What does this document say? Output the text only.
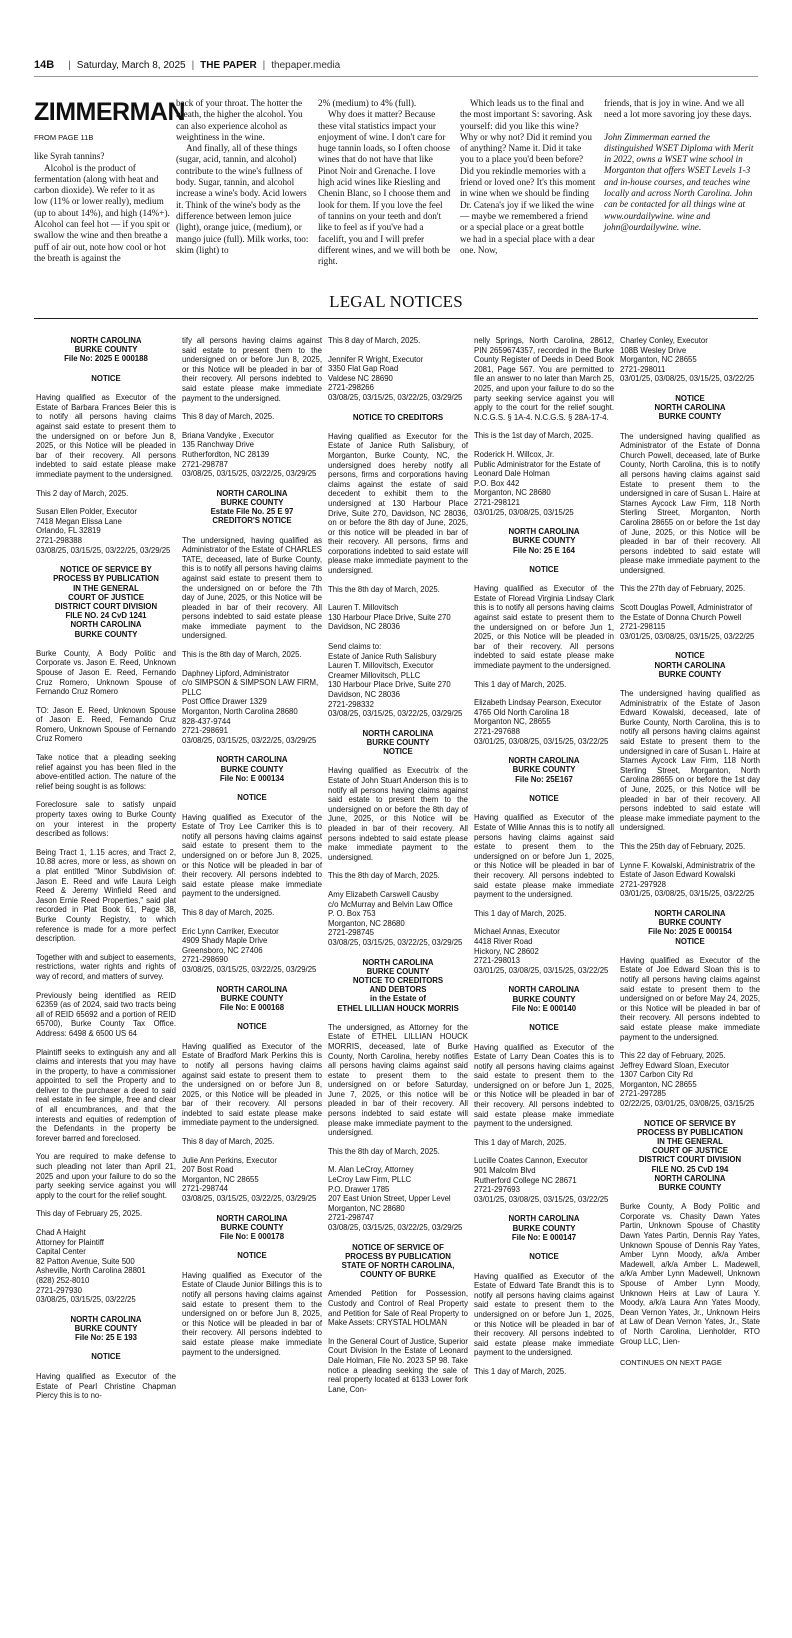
14B | Saturday, March 8, 2025 | THE PAPER | thepaper.media
ZIMMERMAN
FROM PAGE 11B

like Syrah tannins?

Alcohol is the product of fermentation (along with heat and carbon dioxide). We refer to it as low (11% or lower really), medium (up to about 14%), and high (14%+). Alcohol can feel hot — if you spit or swallow the wine and then breathe a puff of air out, note how cool or hot the breath is against the

back of your throat. The hotter the breath, the higher the alcohol. You can also experience alcohol as weightiness in the wine.

And finally, all of these things (sugar, acid, tannin, and alcohol) contribute to the wine's fullness of body. Sugar, tannin, and alcohol increase a wine's body. Acid lowers it. Think of the wine's body as the difference between lemon juice (light), orange juice, (medium), or mango juice (full). Milk works, too: skim (light) to

2% (medium) to 4% (full).

Why does it matter? Because these vital statistics impact your enjoyment of wine. I don't care for huge tannin loads, so I often choose wines that do not have that like Pinot Noir and Grenache. I love high acid wines like Riesling and Chenin Blanc, so I choose them and look for them. If you love the feel of tannins on your teeth and don't like to feel as if you've had a facelift, you and I will prefer different wines, and we will both be right.

Which leads us to the final and the most important S: savoring. Ask yourself: did you like this wine? Why or why not? Did it remind you of anything? Name it. Did it take you to a place you'd been before? Did you rekindle memories with a friend or loved one? It's this moment in wine when we should be finding Dr. Catena's joy if we liked the wine — maybe we remembered a friend or a special place or a great bottle we had in a special place with a dear one. Now,

friends, that is joy in wine. And we all need a lot more savoring joy these days.

John Zimmerman earned the distinguished WSET Diploma with Merit in 2022, owns a WSET wine school in Morganton that offers WSET Levels 1-3 and in-house courses, and teaches wine locally and across North Carolina. John can be contacted for all things wine at www.ourdailywine. wine and john@ourdailywine. wine.

LEGAL NOTICES
NORTH CAROLINA
BURKE COUNTY
File No: 2025 E 000188
NOTICE

Having qualified as Executor of the Estate of Barbara Frances Beier this is to notify all persons having claims against said estate to present them to the undersigned on or before Jun 8, 2025, or this Notice will be pleaded in bar of their recovery. All persons indebted to said estate please make immediate payment to the undersigned.

This 2 day of March, 2025.

Susan Ellen Polder, Executor
7418 Megan Elissa Lane
Orlando, FL 32819
2721-298388
03/08/25, 03/15/25, 03/22/25, 03/29/25

NOTICE OF SERVICE BY
PROCESS BY PUBLICATION
IN THE GENERAL
COURT OF JUSTICE
DISTRICT COURT DIVISION
FILE NO. 24 CvD 1241
NORTH CAROLINA
BURKE COUNTY

Burke County, A Body Politic and Corporate vs. Jason E. Reed, Unknown Spouse of Jason E. Reed, Fernando Cruz Romero, Unknown Spouse of Fernando Cruz Romero

TO: Jason E. Reed, Unknown Spouse of Jason E. Reed, Fernando Cruz Romero, Unknown Spouse of Fernando Cruz Romero

Take notice that a pleading seeking relief against you has been filed in the above-entitled action. The nature of the relief being sought is as follows:

Foreclosure sale to satisfy unpaid property taxes owing to Burke County on your interest in the property described as follows:

Being Tract 1, 1.15 acres, and Tract 2, 10.88 acres, more or less, as shown on a plat entitled "Minor Subdivision of: Jason E. Reed and wife Laura Leigh Reed & Jeremy Winfield Reed and Jason Ernie Reed Properties," said plat recorded in Plat Book 61, Page 38, Burke County Registry, to which reference is made for a more perfect description.

Together with and subject to easements, restrictions, water rights and rights of way of record, and matters of survey.

Previously being identified as REID 62359 (as of 2024, said two tracts being all of REID 65692 and a portion of REID 65700), Burke County Tax Office. Address: 6498 & 6500 US 64

Plaintiff seeks to extinguish any and all claims and interests that you may have in the property, to have a commissioner appointed to sell the Property and to deliver to the purchaser a deed to said real estate in fee simple, free and clear of all encumbrances, and that the interests and equities of redemption of the Defendants in the property be forever barred and foreclosed.

You are required to make defense to such pleading not later than April 21, 2025 and upon your failure to do so the party seeking service against you will apply to the court for the relief sought.

This day of February 25, 2025.

Chad A Haight
Attorney for Plaintiff
Capital Center
82 Patton Avenue, Suite 500
Asheville, North Carolina 28801
(828) 252-8010
2721-297930
03/08/25, 03/15/25, 03/22/25

NORTH CAROLINA
BURKE COUNTY
File No: 25 E 193
NOTICE

Having qualified as Executor of the Estate of Pearl Christine Chapman Piercy this is to no-

tify all persons having claims against said estate to present them to the undersigned on or before Jun 8, 2025, or this Notice will be pleaded in bar of their recovery. All persons indebted to said estate please make immediate payment to the undersigned.

This 8 day of March, 2025.

Briana Vandyke , Executor
135 Ranchway Drive
Rutherfordton, NC 28139
2721-298787
03/08/25, 03/15/25, 03/22/25, 03/29/25

NORTH CAROLINA
BURKE COUNTY
Estate File No. 25 E 97
CREDITOR'S NOTICE

The undersigned, having qualified as Administrator of the Estate of CHARLES TATE, deceased, late of Burke County, this is to notify all persons having claims against said estate to present them to the undersigned on or before the 7th day of June, 2025, or this Notice will be pleaded in bar of their recovery. All persons indebted to said estate please make immediate payment to the undersigned.

This is the 8th day of March, 2025.

Daphney Lipford, Administrator
c/o SIMPSON & SIMPSON LAW FIRM, PLLC
Post Office Drawer 1329
Morganton, North Carolina 28680
828-437-9744
2721-298691
03/08/25, 03/15/25, 03/22/25, 03/29/25

NORTH CAROLINA
BURKE COUNTY
File No: E 000134
NOTICE

Having qualified as Executor of the Estate of Troy Lee Carriker this is to notify all persons having claims against said estate to present them to the undersigned on or before Jun 8, 2025, or this Notice will be pleaded in bar of their recovery. All persons indebted to said estate please make immediate payment to the undersigned.

This 8 day of March, 2025.

Eric Lynn Carriker, Executor
4909 Shady Maple Drive
Greensboro, NC 27406
2721-298690
03/08/25, 03/15/25, 03/22/25, 03/29/25

NORTH CAROLINA
BURKE COUNTY
File No: E 000168
NOTICE

Having qualified as Executor of the Estate of Bradford Mark Perkins this is to notify all persons having claims against said estate to present them to the undersigned on or before Jun 8, 2025, or this Notice will be pleaded in bar of their recovery. All persons indebted to said estate please make immediate payment to the undersigned.

This 8 day of March, 2025.

Julie Ann Perkins, Executor
207 Bost Road
Morganton, NC 28655
2721-298744
03/08/25, 03/15/25, 03/22/25, 03/29/25

NORTH CAROLINA
BURKE COUNTY
File No: E 000178
NOTICE

Having qualified as Executor of the Estate of Claude Junior Billings this is to notify all persons having claims against said estate to present them to the undersigned on or before Jun 8, 2025, or this Notice will be pleaded in bar of their recovery. All persons indebted to said estate please make immediate payment to the undersigned.

This 8 day of March, 2025.

Jennifer R Wright, Executor
3350 Flat Gap Road
Valdese NC 28690
2721-298266
03/08/25, 03/15/25, 03/22/25, 03/29/25

NOTICE TO CREDITORS

Having qualified as Executor for the Estate of Janice Ruth Salisbury, of Morganton, Burke County, NC, the undersigned does hereby notify all persons, firms and corporations having claims against the estate of said decedent to exhibit them to the undersigned at 130 Harbour Place Drive, Suite 270, Davidson, NC 28036, on or before the 8th day of June, 2025, or this notice will be pleaded in bar of their recovery. All persons, firms and corporations indebted to said estate will please make immediate payment to the undersigned.

This the 8th day of March, 2025.

Lauren T. Millovitsch
130 Harbour Place Drive, Suite 270
Davidson, NC 28036

Send claims to:
Estate of Janice Ruth Salisbury
Lauren T. Millovitsch, Executor
Creamer Millovitsch, PLLC
130 Harbour Place Drive, Suite 270
Davidson, NC 28036
2721-298332
03/08/25, 03/15/25, 03/22/25, 03/29/25

NORTH CAROLINA
BURKE COUNTY
NOTICE

Having qualified as Executrix of the Estate of John Stuart Anderson this is to notify all persons having claims against said estate to present them to the undersigned on or before the 8th day of June, 2025, or this Notice will be pleaded in bar of their recovery. All persons indebted to said estate please make immediate payment to the undersigned.

This the 8th day of March, 2025.

Amy Elizabeth Carswell Causby
c/o McMurray and Belvin Law Office
P. O. Box 753
Morganton, NC 28680
2721-298745
03/08/25, 03/15/25, 03/22/25, 03/29/25

NORTH CAROLINA
BURKE COUNTY
NOTICE TO CREDITORS
AND DEBTORS
in the Estate of
ETHEL LILLIAN HOUCK MORRIS

The undersigned, as Attorney for the Estate of ETHEL LILLIAN HOUCK MORRIS, deceased, late of Burke County, North Carolina, hereby notifies all persons having claims against said estate to present them to the undersigned on or before Saturday, June 7, 2025, or this notice will be pleaded in bar of their recovery. All persons indebted to said estate will please make immediate payment to the undersigned.

This the 8th day of March, 2025.

M. Alan LeCroy, Attorney
LeCroy Law Firm, PLLC
P.O. Drawer 1785
207 East Union Street, Upper Level
Morganton, NC 28680
2721-298747
03/08/25, 03/15/25, 03/22/25, 03/29/25

NOTICE OF SERVICE OF
PROCESS BY PUBLICATION
STATE OF NORTH CAROLINA,
COUNTY OF BURKE

Amended Petition for Possession, Custody and Control of Real Property and Petition for Sale of Real Property to Make Assets: CRYSTAL HOLMAN

In the General Court of Justice, Superior Court Division In the Estate of Leonard Dale Holman, File No. 2023 SP 98. Take notice a pleading seeking the sale of real property located at 6133 Lower fork Lane, Con-

nelly Springs, North Carolina, 28612, PIN 2659674357, recorded in the Burke County Register of Deeds in Deed Book 2081, Page 567. You are permitted to file an answer to no later than March 25, 2025, and upon your failure to do so the party seeking service against you will apply to the court for the relief sought. N.C.G.S. § 1A-4. N.C.G.S. § 28A-17-4.

This is the 1st day of March, 2025.

Roderick H. Willcox, Jr.
Public Administrator for the Estate of Leonard Dale Holman
P.O. Box 442
Morganton, NC 28680
2721-298121
03/01/25, 03/08/25, 03/15/25

NORTH CAROLINA
BURKE COUNTY
File No: 25 E 164
NOTICE

Having qualified as Executor of the Estate of Floread Virginia Lindsay Clark this is to notify all persons having claims against said estate to present them to the undersigned on or before Jun 1, 2025, or this Notice will be pleaded in bar of their recovery. All persons indebted to said estate please make immediate payment to the undersigned.

This 1 day of March, 2025.

Elizabeth Lindsay Pearson, Executor
4765 Old North Carolina 18
Morganton NC, 28655
2721-297688
03/01/25, 03/08/25, 03/15/25, 03/22/25

NORTH CAROLINA
BURKE COUNTY
File No: 25E167
NOTICE

Having qualified as Executor of the Estate of Willie Annas this is to notify all persons having claims against said estate to present them to the undersigned on or before Jun 1, 2025, or this Notice will be pleaded in bar of their recovery. All persons indebted to said estate please make immediate payment to the undersigned.

This 1 day of March, 2025.

Michael Annas, Executor
4418 River Road
Hickory, NC 28602
2721-298013
03/01/25, 03/08/25, 03/15/25, 03/22/25

NORTH CAROLINA
BURKE COUNTY
File No: E 000140
NOTICE

Having qualified as Executor of the Estate of Larry Dean Coates this is to notify all persons having claims against said estate to present them to the undersigned on or before Jun 1, 2025, or this Notice will be pleaded in bar of their recovery. All persons indebted to said estate please make immediate payment to the undersigned.

This 1 day of March, 2025.

Lucille Coates Cannon, Executor
901 Malcolm Blvd
Rutherford College NC 28671
2721-297693
03/01/25, 03/08/25, 03/15/25, 03/22/25

NORTH CAROLINA
BURKE COUNTY
File No: E 000147
NOTICE

Having qualified as Executor of the Estate of Edward Tate Brandt this is to notify all persons having claims against said estate to present them to the undersigned on or before Jun 1, 2025, or this Notice will be pleaded in bar of their recovery. All persons indebted to said estate please make immediate payment to the undersigned.

This 1 day of March, 2025.

Charley Conley, Executor
108B Wesley Drive
Morganton, NC 28655
2721-298011
03/01/25, 03/08/25, 03/15/25, 03/22/25

NOTICE
NORTH CAROLINA
BURKE COUNTY

The undersigned having qualified as Administrator of the Estate of Donna Church Powell, deceased, late of Burke County, North Carolina, this is to notify all persons having claims against said Estate to present them to the undersigned in care of Susan L. Haire at Starnes Aycock Law Firm, 118 North Sterling Street, Morganton, North Carolina 28655 on or before the 1st day of June, 2025, or this Notice will be pleaded in bar of their recovery. All persons indebted to said estate will please make immediate payment to the undersigned.

This the 27th day of February, 2025.

Scott Douglas Powell, Administrator of the Estate of Donna Church Powell
2721-298115
03/01/25, 03/08/25, 03/15/25, 03/22/25

NOTICE
NORTH CAROLINA
BURKE COUNTY

The undersigned having qualified as Administratrix of the Estate of Jason Edward Kowalski, deceased, late of Burke County, North Carolina, this is to notify all persons having claims against said Estate to present them to the undersigned in care of Susan L. Haire at Starnes Aycock Law Firm, 118 North Sterling Street, Morganton, North Carolina 28655 on or before the 1st day of June, 2025, or this Notice will be pleaded in bar of their recovery. All persons indebted to said estate will please make immediate payment to the undersigned.

This the 25th day of February, 2025.

Lynne F. Kowalski, Administratrix of the Estate of Jason Edward Kowalski
2721-297928
03/01/25, 03/08/25, 03/15/25, 03/22/25

NORTH CAROLINA
BURKE COUNTY
File No: 2025 E 000154
NOTICE

Having qualified as Executor of the Estate of Joe Edward Sloan this is to notify all persons having claims against said estate to present them to the undersigned on or before May 24, 2025, or this Notice will be pleaded in bar of their recovery. All persons indebted to said estate please make immediate payment to the undersigned.

This 22 day of February, 2025.
Jeffrey Edward Sloan, Executor
1307 Carbon City Rd
Morganton, NC 28655
2721-297285
02/22/25, 03/01/25, 03/08/25, 03/15/25

NOTICE OF SERVICE BY
PROCESS BY PUBLICATION
IN THE GENERAL
COURT OF JUSTICE
DISTRICT COURT DIVISION
FILE NO. 25 CvD 194
NORTH CAROLINA
BURKE COUNTY

Burke County, A Body Politic and Corporate vs. Chasity Dawn Yates Partin, Unknown Spouse of Chastity Dawn Yates Partin, Dennis Ray Yates, Unknown Spouse of Dennis Ray Yates, Amber Lynn Moody, a/k/a Amber Madewell, a/k/a Amber L. Madewell, a/k/a Amber Lynn Madewell, Unknown Spouse of Amber Lynn Moody, Unknown Heirs at Law of Laura Y. Moody, a/k/a Laura Ann Yates Moody, Dean Vernon Yates, Jr., Unknown Heirs at Law of Dean Vernon Yates, Jr., State of North Carolina, Lienholder, RTO Group LLC, Lien-

CONTINUES ON NEXT PAGE
